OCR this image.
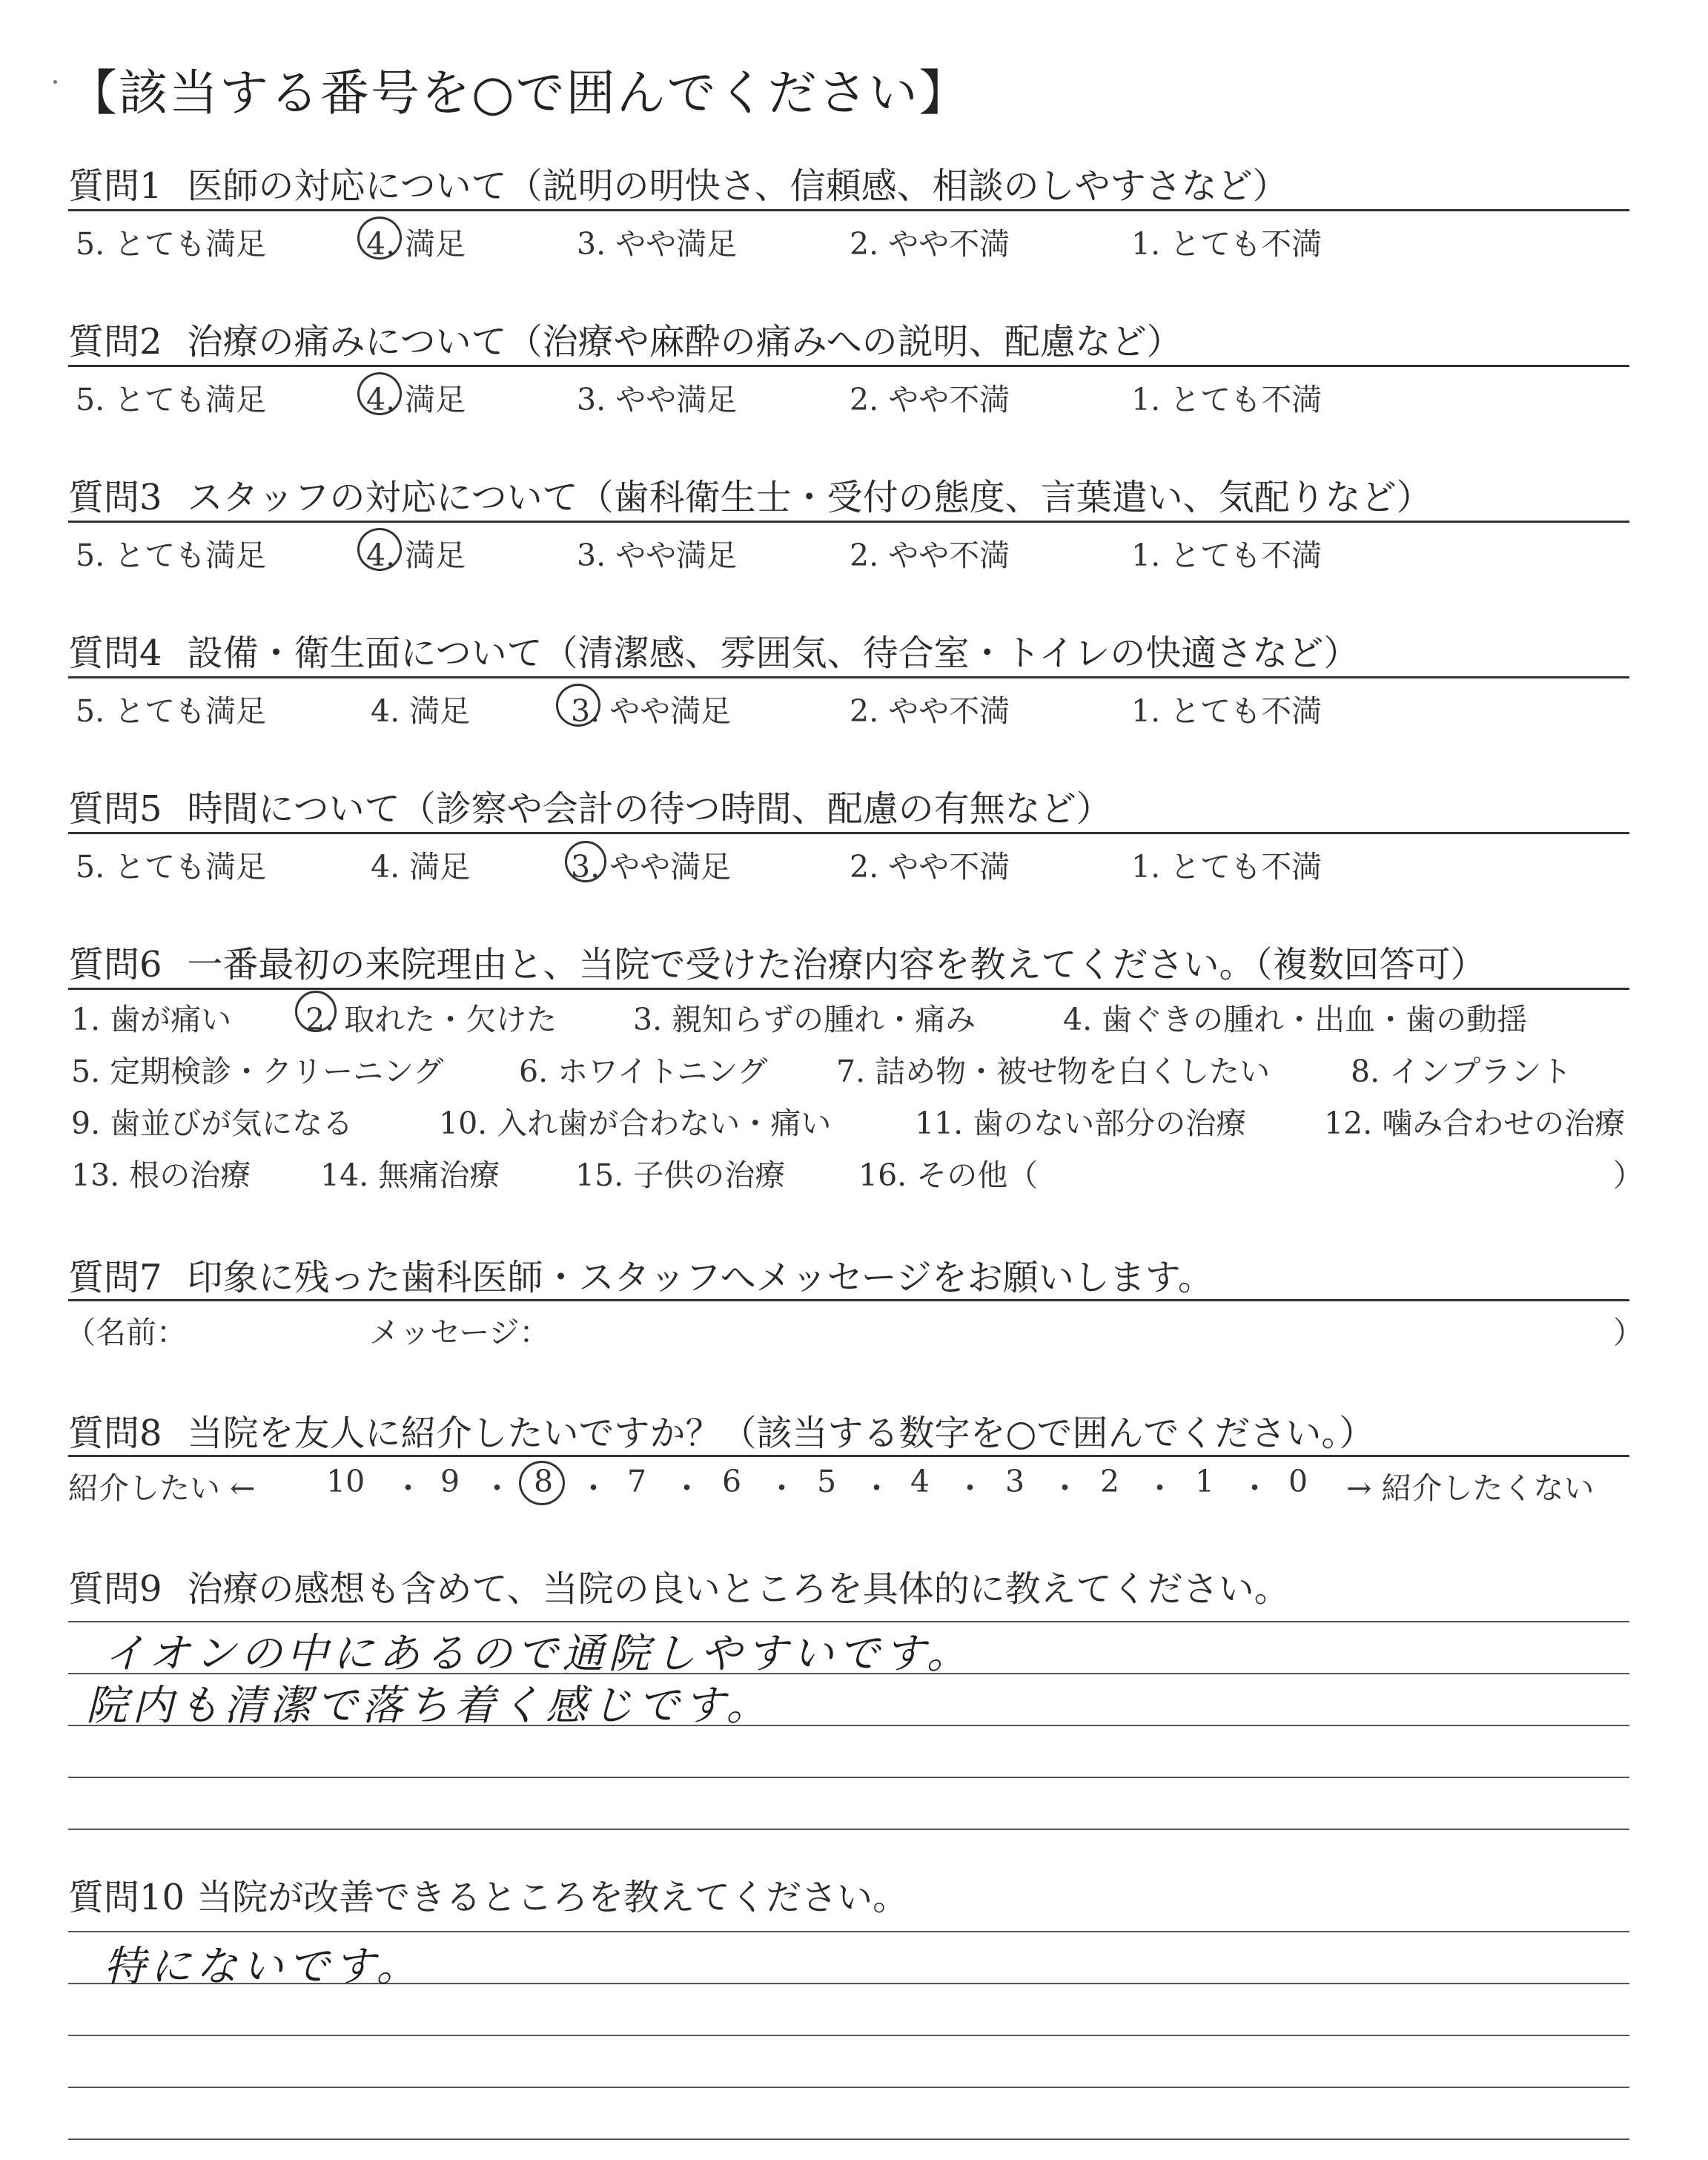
【該当する番号を○で囲んでください】
質問1 医師の対応について（説明の明快さ、信頼感、相談のしやすさなど）
5. とても満足	4. 満足	3. やや満足	2. やや不満	1. とても不満
質問2 治療の痛みについて（治療や麻酔の痛みへの説明、配慮など）
5. とても満足	4. 満足	3. やや満足	2. やや不満	1. とても不満
質問3 スタッフの対応について（歯科衛生士・受付の態度、言葉遣い、気配りなど）
5. とても満足	4. 満足	3. やや満足	2. やや不満	1. とても不満
質問4 設備・衛生面について（清潔感、雰囲気、待合室・トイレの快適さなど）
5. とても満足	4. 満足	3. やや満足	2. やや不満	1. とても不満
質問5 時間について（診察や会計の待つ時間、配慮の有無など）
5. とても満足	4. 満足	3. やや満足	2. やや不満	1. とても不満
質問6 一番最初の来院理由と、当院で受けた治療内容を教えてください。（複数回答可）
1. 歯が痛い 2. 取れた・欠けた	3. 親知らずの腫れ・痛み	4. 歯ぐきの腫れ・出血・歯の動揺
5. 定期検診・クリーニング 6. ホワイトニング 7. 詰め物・被せ物を白くしたい	8. インプラント
9. 歯並びが気になる	10. 入れ歯が合わない・痛い	11. 歯のない部分の治療	12. 噛み合わせの治療
13. 根の治療 14. 無痛治療 15. 子供の治療 16. その他（	）
質問7 印象に残った歯科医師・スタッフへメッセージをお願いします。
（名前：	メッセージ：	）
質問8 当院を友人に紹介したいですか？（該当する数字を○で囲んでください。）
紹介したい ← 10 ・ 9 ・ 8 ・ 7 ・ 6 ・ 5 ・ 4 ・ 3 ・ 2 ・ 1 ・ 0 → 紹介したくない
質問9 治療の感想も含めて、当院の良いところを具体的に教えてください。
イオンの中にあるので通院しやすいです。
院内も清潔で落ち着く感じです。
質問10 当院が改善できるところを教えてください。
特にないです。
